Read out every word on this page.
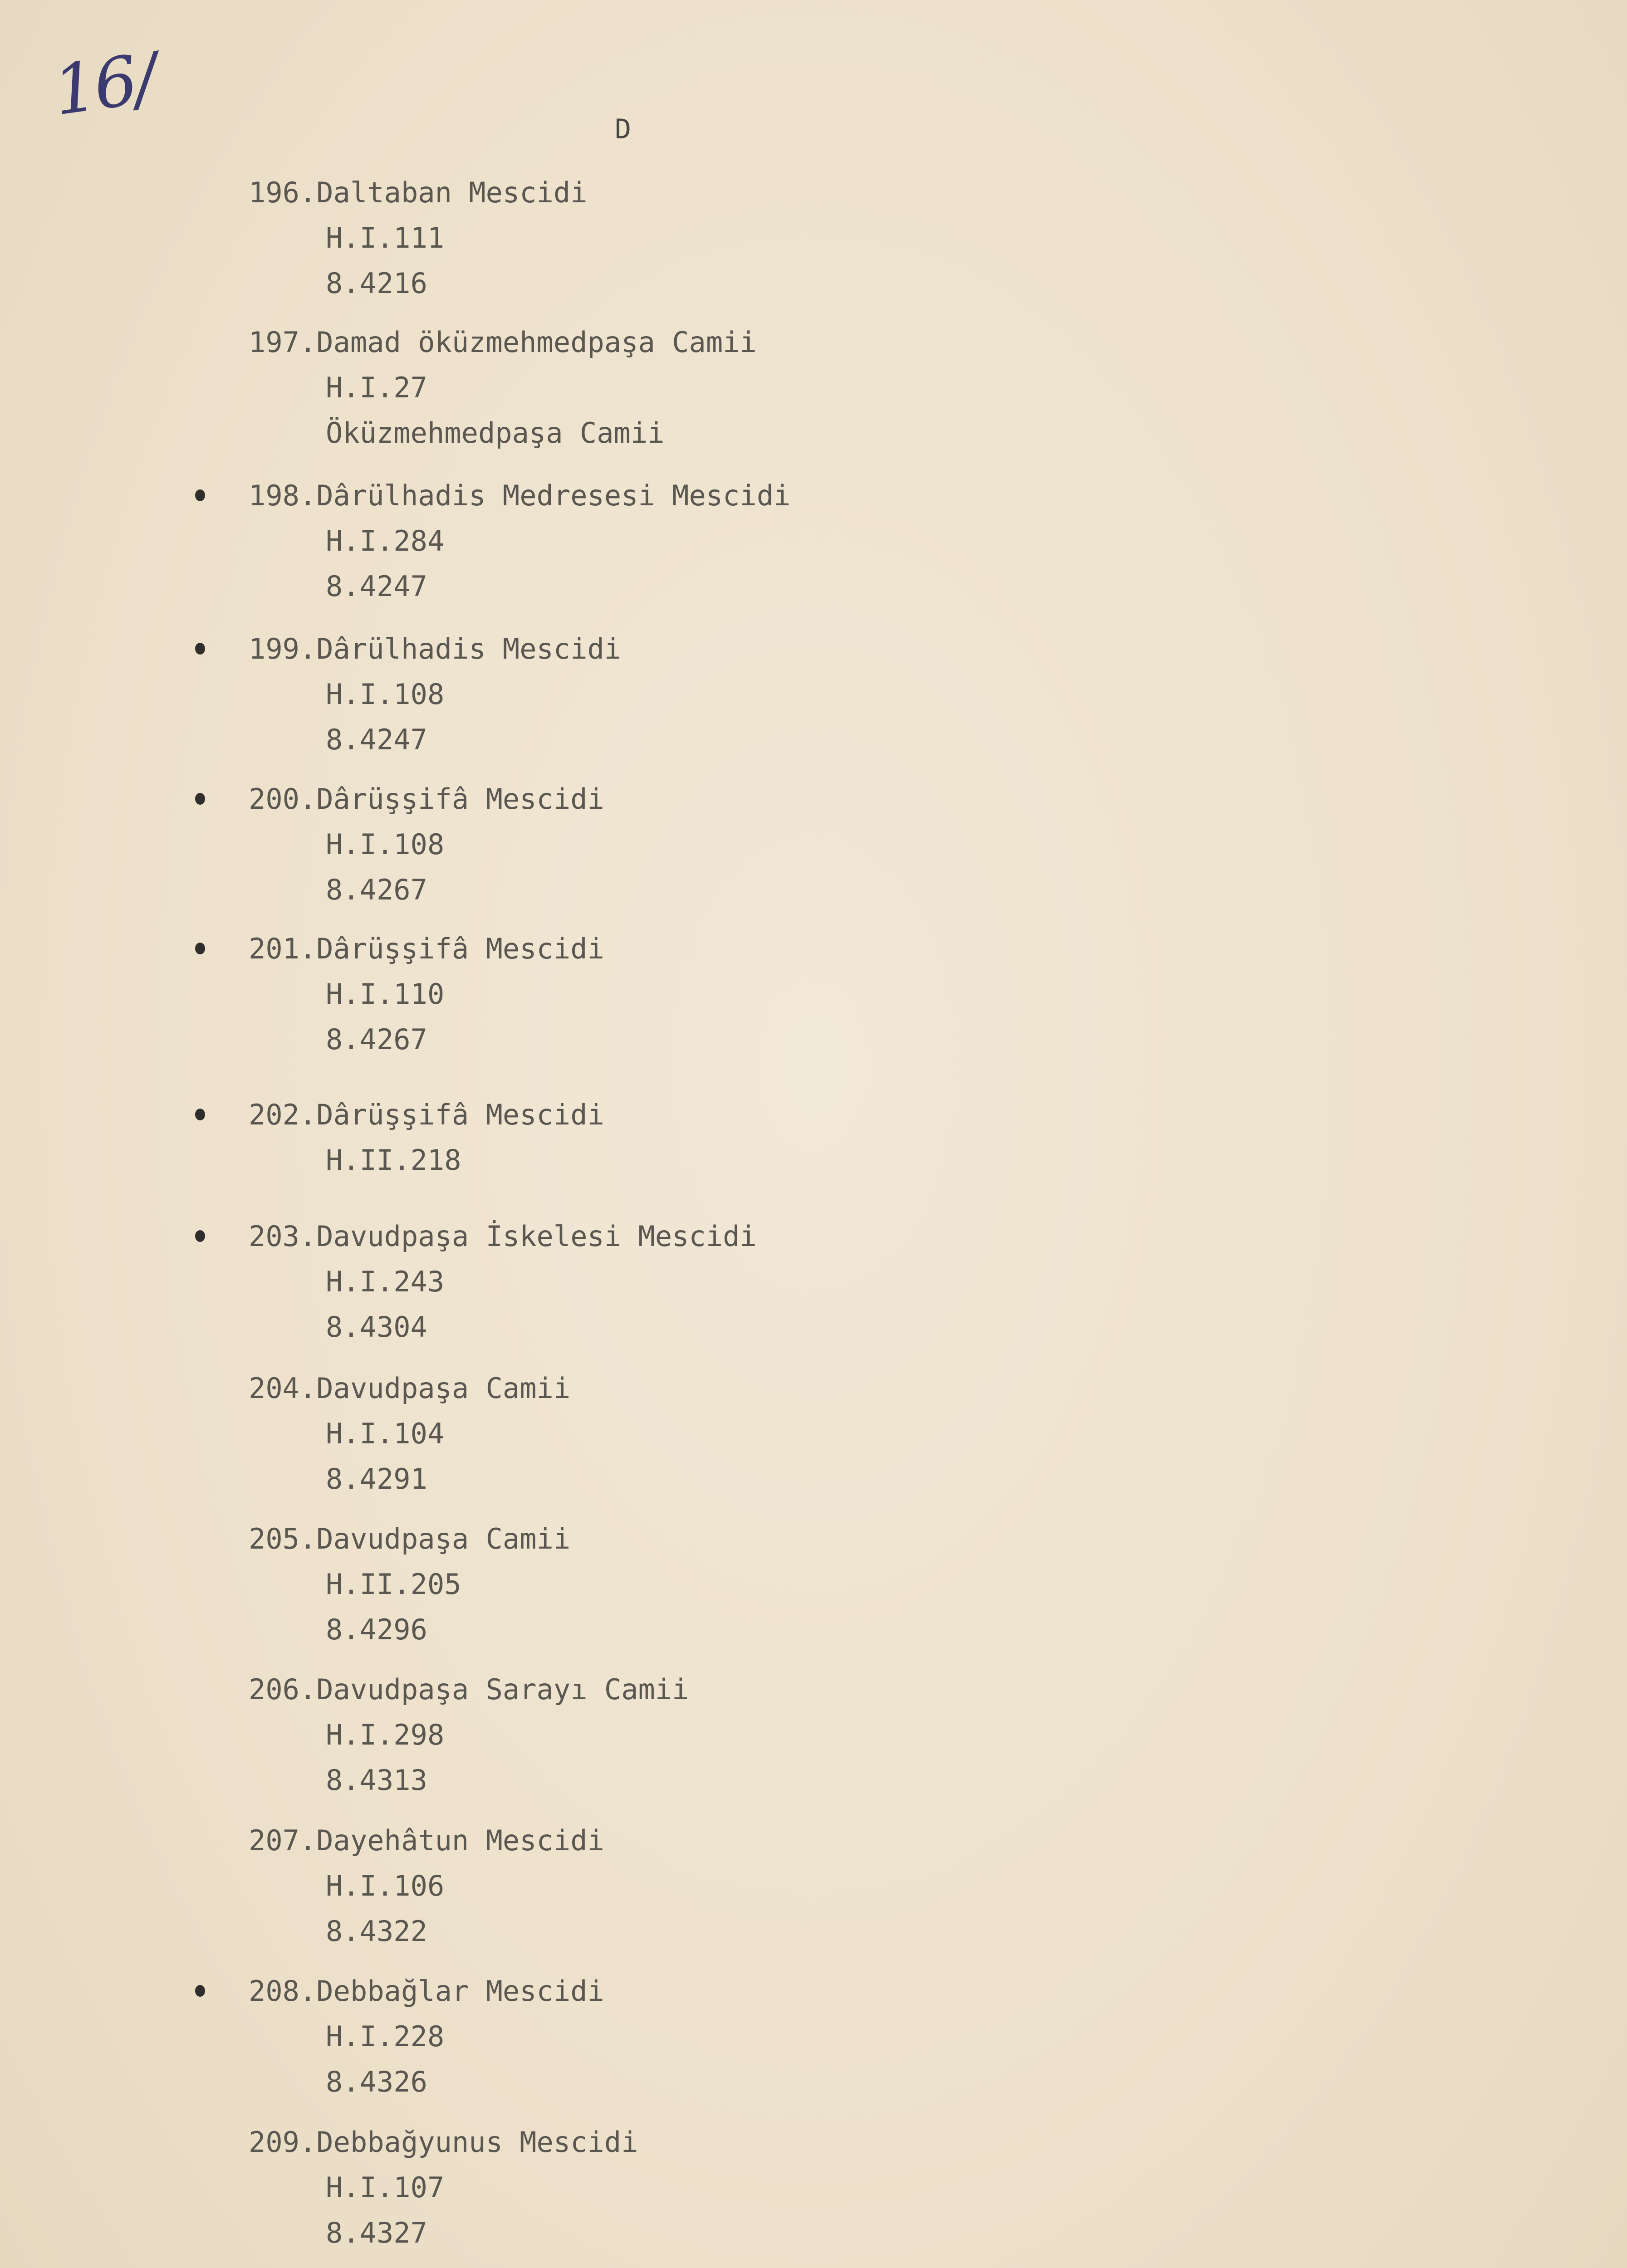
16/	D
196.Daltaban Mescidi
H.I.111
8.4216
197.Damad öküzmehmedpaşa Camii
H.I.27
Öküzmehmedpaşa Camii
198.Dârülhadis Medresesi Mescidi
H.I.284
8.4247
199.Dârülhadis Mescidi
H.I.108
8.4247
200.Dârüşşifâ Mescidi
H.I.108
8.4267
201.Dârüşşifâ Mescidi
H.I.110
8.4267
202.Dârüşşifâ Mescidi
H.II.218
203.Davudpaşa İskelesi Mescidi
H.I.243
8.4304
204.Davudpaşa Camii
H.I.104
8.4291
205.Davudpaşa Camii
H.II.205
8.4296
206.Davudpaşa Sarayı Camii
H.I.298
8.4313
207.Dayehâtun Mescidi
H.I.106
8.4322
208.Debbağlar Mescidi
H.I.228
8.4326
209.Debbağyunus Mescidi
H.I.107
8.4327
